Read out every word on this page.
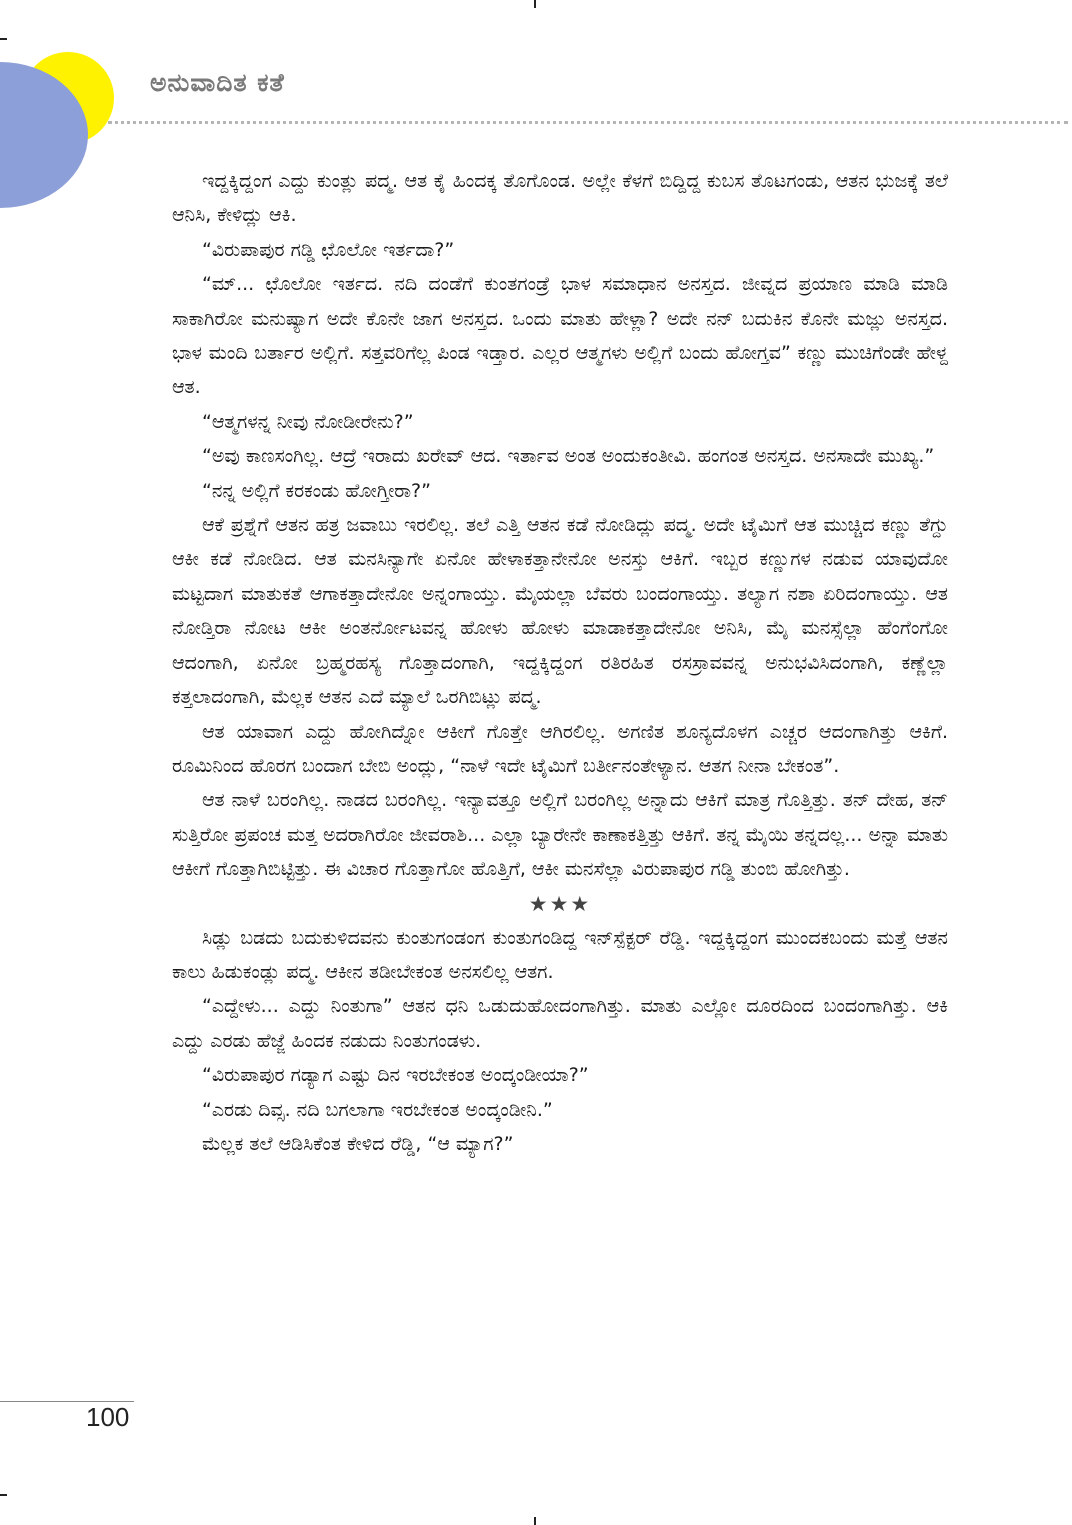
ಅನುವಾದಿತ ಕತೆ

ಇದ್ದಕ್ಕಿದ್ದಂಗ ಎದ್ದು ಕುಂತ್ಲು ಪದ್ಮ. ಆತ ಕೈ ಹಿಂದಕ್ಕ ತೊಗೊಂಡ. ಅಲ್ಲೇ ಕೆಳಗೆ ಬಿದ್ದಿದ್ದ ಕುಬಸ ತೊಟಗಂಡು, ಆತನ ಭುಜಕ್ಕೆ ತಲೆ ಆನಿಸಿ, ಕೇಳಿದ್ಲು ಆಕಿ.

“ವಿರುಪಾಪುರ ಗಡ್ಡಿ ಛೊಲೋ ಇರ್ತದಾ?”

“ಮ್... ಛೊಲೋ ಇರ್ತದ. ನದಿ ದಂಡೆಗೆ ಕುಂತಗಂಡ್ರೆ ಭಾಳ ಸಮಾಧಾನ ಅನಸ್ತದ. ಜೀವ್ನದ ಪ್ರಯಾಣ ಮಾಡಿ ಮಾಡಿ ಸಾಕಾಗಿರೋ ಮನುಷ್ಯಾಗ ಅದೇ ಕೊನೇ ಜಾಗ ಅನಸ್ತದ. ಒಂದು ಮಾತು ಹೇಳ್ಲಾ? ಅದೇ ನನ್ ಬದುಕಿನ ಕೊನೇ ಮಜ್ಲು ಅನಸ್ತದ. ಭಾಳ ಮಂದಿ ಬರ್ತಾರ ಅಲ್ಲಿಗೆ. ಸತ್ತವರಿಗೆಲ್ಲ ಪಿಂಡ ಇಡ್ತಾರ. ಎಲ್ಲರ ಆತ್ಮಗಳು ಅಲ್ಲಿಗೆ ಬಂದು ಹೋಗ್ತವ” ಕಣ್ಣು ಮುಚಿಗೆಂಡೇ ಹೇಳ್ದ ಆತ.

“ಆತ್ಮಗಳನ್ನ ನೀವು ನೋಡೀರೇನು?”

“ಅವು ಕಾಣಸಂಗಿಲ್ಲ. ಆದ್ರೆ ಇರಾದು ಖರೇವ್ ಆದ. ಇರ್ತಾವ ಅಂತ ಅಂದುಕಂತೀವಿ. ಹಂಗಂತ ಅನಸ್ತದ. ಅನಸಾದೇ ಮುಖ್ಯ.”

“ನನ್ನ ಅಲ್ಲಿಗೆ ಕರಕಂಡು ಹೋಗ್ತೀರಾ?”

ಆಕೆ ಪ್ರಶ್ನೆಗೆ ಆತನ ಹತ್ರ ಜವಾಬು ಇರಲಿಲ್ಲ. ತಲೆ ಎತ್ತಿ ಆತನ ಕಡೆ ನೋಡಿದ್ಲು ಪದ್ಮ. ಅದೇ ಟೈಮಿಗೆ ಆತ ಮುಚ್ಚಿದ ಕಣ್ಣು ತೆಗ್ದು ಆಕೀ ಕಡೆ ನೋಡಿದ. ಆತ ಮನಸಿನ್ಯಾಗೇ ಏನೋ ಹೇಳಾಕತ್ತಾನೇನೋ ಅನಸ್ತು ಆಕಿಗೆ. ಇಬ್ಬರ ಕಣ್ಣುಗಳ ನಡುವ ಯಾವುದೋ ಮಟ್ಟದಾಗ ಮಾತುಕತೆ ಆಗಾಕತ್ತಾದೇನೋ ಅನ್ನಂಗಾಯ್ತು. ಮೈಯಲ್ಲಾ ಬೆವರು ಬಂದಂಗಾಯ್ತು. ತಲ್ಯಾಗ ನಶಾ ಏರಿದಂಗಾಯ್ತು. ಆತ ನೋಡ್ತಿರಾ ನೋಟ ಆಕೀ ಅಂತರ್ನೋಟವನ್ನ ಹೋಳು ಹೋಳು ಮಾಡಾಕತ್ತಾದೇನೋ ಅನಿಸಿ, ಮೈ ಮನಸ್ಸೆಲ್ಲಾ ಹೆಂಗೆಂಗೋ ಆದಂಗಾಗಿ, ಏನೋ ಬ್ರಹ್ಮರಹಸ್ಯ ಗೊತ್ತಾದಂಗಾಗಿ, ಇದ್ದಕ್ಕಿದ್ದಂಗ ರತಿರಹಿತ ರಸಸ್ರಾವವನ್ನ ಅನುಭವಿಸಿದಂಗಾಗಿ, ಕಣ್ಣೆಲ್ಲಾ ಕತ್ತಲಾದಂಗಾಗಿ, ಮೆಲ್ಲಕ ಆತನ ಎದೆ ಮ್ಯಾಲೆ ಒರಗಿಬಿಟ್ಲು ಪದ್ಮ.

ಆತ ಯಾವಾಗ ಎದ್ದು ಹೋಗಿದ್ನೋ ಆಕೀಗೆ ಗೊತ್ತೇ ಆಗಿರಲಿಲ್ಲ. ಅಗಣಿತ ಶೂನ್ಯದೊಳಗ ಎಚ್ಚರ ಆದಂಗಾಗಿತ್ತು ಆಕಿಗೆ. ರೂಮಿನಿಂದ ಹೊರಗ ಬಂದಾಗ ಬೇಬಿ ಅಂದ್ಲು, “ನಾಳೆ ಇದೇ ಟೈಮಿಗೆ ಬರ್ತೀನಂತೇಳ್ಯಾನ. ಆತಗ ನೀನಾ ಬೇಕಂತ”.

ಆತ ನಾಳೆ ಬರಂಗಿಲ್ಲ. ನಾಡದ ಬರಂಗಿಲ್ಲ. ಇನ್ಯಾವತ್ತೂ ಅಲ್ಲಿಗೆ ಬರಂಗಿಲ್ಲ ಅನ್ನಾದು ಆಕಿಗೆ ಮಾತ್ರ ಗೊತ್ತಿತ್ತು. ತನ್ ದೇಹ, ತನ್ ಸುತ್ತಿರೋ ಪ್ರಪಂಚ ಮತ್ತ ಅದರಾಗಿರೋ ಜೀವರಾಶಿ... ಎಲ್ಲಾ ಬ್ಯಾರೇನೇ ಕಾಣಾಕತ್ತಿತ್ತು ಆಕಿಗೆ. ತನ್ನ ಮೈಯಿ ತನ್ನದಲ್ಲ... ಅನ್ನಾ ಮಾತು ಆಕೀಗೆ ಗೊತ್ತಾಗಿಬಿಟ್ಟಿತ್ತು. ಈ ವಿಚಾರ ಗೊತ್ತಾಗೋ ಹೊತ್ತಿಗೆ, ಆಕೀ ಮನಸೆಲ್ಲಾ ವಿರುಪಾಪುರ ಗಡ್ಡಿ ತುಂಬಿ ಹೋಗಿತ್ತು.

★★★

ಸಿಡ್ಲು ಬಡದು ಬದುಕುಳಿದವನು ಕುಂತುಗಂಡಂಗ ಕುಂತುಗಂಡಿದ್ದ ಇನ್‌ಸ್ಪೆಕ್ಟರ್ ರೆಡ್ಡಿ. ಇದ್ದಕ್ಕಿದ್ದಂಗ ಮುಂದಕಬಂದು ಮತ್ತೆ ಆತನ ಕಾಲು ಹಿಡುಕಂಡ್ಲು ಪದ್ಮ. ಆಕೀನ ತಡೀಬೇಕಂತ ಅನಸಲಿಲ್ಲ ಆತಗ.

“ಎದ್ದೇಳು... ಎದ್ದು ನಿಂತುಗಾ” ಆತನ ಧನಿ ಒಡುದುಹೋದಂಗಾಗಿತ್ತು. ಮಾತು ಎಲ್ಲೋ ದೂರದಿಂದ ಬಂದಂಗಾಗಿತ್ತು. ಆಕಿ ಎದ್ದು ಎರಡು ಹೆಜ್ಜೆ ಹಿಂದಕ ನಡುದು ನಿಂತುಗಂಡಳು.

“ವಿರುಪಾಪುರ ಗಡ್ಯಾಗ ಎಷ್ಟು ದಿನ ಇರಬೇಕಂತ ಅಂದ್ಕಂಡೀಯಾ?”

“ಎರಡು ದಿವ್ಸ. ನದಿ ಬಗಲಾಗಾ ಇರಬೇಕಂತ ಅಂದ್ಕಂಡೀನಿ.”

ಮೆಲ್ಲಕ ತಲೆ ಆಡಿಸಿಕೆಂತ ಕೇಳಿದ ರೆಡ್ಡಿ, “ಆ ಮ್ಯಾಗ?”

100
